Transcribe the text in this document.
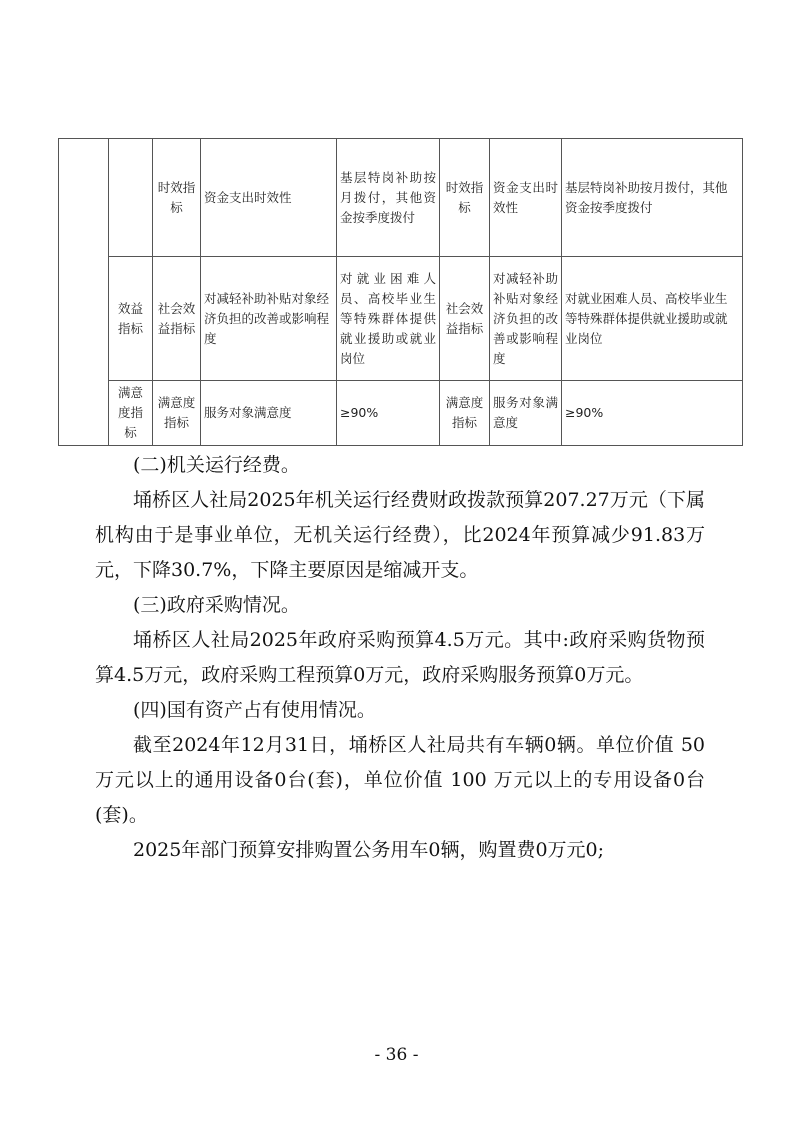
		时效指标	资金支出时效性	基层特岗补助按月拨付，其他资金按季度拨付	时效指标	资金支出时效性	基层特岗补助按月拨付，其他资金按季度拨付
	效益指标	社会效益指标	对减轻补助补贴对象经济负担的改善或影响程度	对就业困难人员、高校毕业生等特殊群体提供就业援助或就业岗位	社会效益指标	对减轻补助补贴对象经济负担的改善或影响程度	对就业困难人员、高校毕业生等特殊群体提供就业援助或就业岗位
	满意度指标	满意度指标	服务对象满意度	≥90%	满意度指标	服务对象满意度	≥90%

(二)机关运行经费。

埇桥区人社局2025年机关运行经费财政拨款预算207.27万元（下属机构由于是事业单位，无机关运行经费），比2024年预算减少91.83万元，下降30.7%，下降主要原因是缩减开支。

(三)政府采购情况。

埇桥区人社局2025年政府采购预算4.5万元。其中:政府采购货物预算4.5万元，政府采购工程预算0万元，政府采购服务预算0万元。

(四)国有资产占有使用情况。

截至2024年12月31日，埇桥区人社局共有车辆0辆。单位价值 50 万元以上的通用设备0台(套)，单位价值 100 万元以上的专用设备0台(套)。

2025年部门预算安排购置公务用车0辆，购置费0万元0;

- 36 -
